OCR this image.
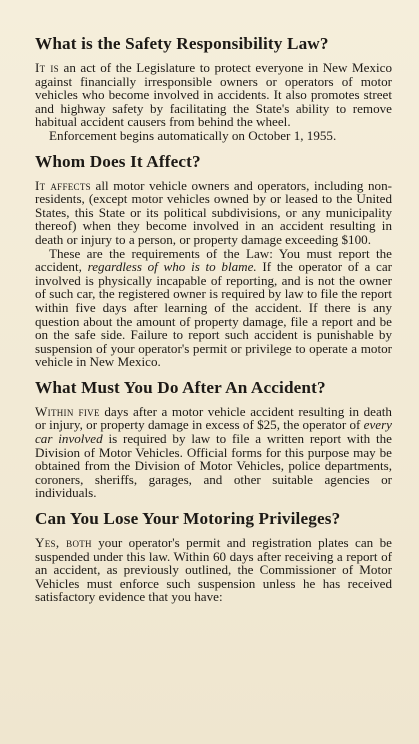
What is the Safety Responsibility Law?

It is an act of the Legislature to protect everyone in New Mexico against financially irresponsible owners or operators of motor vehicles who become involved in accidents. It also promotes street and highway safety by facilitating the State's ability to remove habitual accident causers from behind the wheel.

Enforcement begins automatically on October 1, 1955.

Whom Does It Affect?

It affects all motor vehicle owners and operators, including non-residents, (except motor vehicles owned by or leased to the United States, this State or its political subdivisions, or any municipality thereof) when they become involved in an accident resulting in death or injury to a person, or property damage exceeding $100.

These are the requirements of the Law: You must report the accident, regardless of who is to blame. If the operator of a car involved is physically incapable of reporting, and is not the owner of such car, the registered owner is required by law to file the report within five days after learning of the accident. If there is any question about the amount of property damage, file a report and be on the safe side. Failure to report such accident is punishable by suspension of your operator's permit or privilege to operate a motor vehicle in New Mexico.

What Must You Do After An Accident?

Within five days after a motor vehicle accident resulting in death or injury, or property damage in excess of $25, the operator of every car involved is required by law to file a written report with the Division of Motor Vehicles. Official forms for this purpose may be obtained from the Division of Motor Vehicles, police departments, coroners, sheriffs, garages, and other suitable agencies or individuals.

Can You Lose Your Motoring Privileges?

Yes, both your operator's permit and registration plates can be suspended under this law. Within 60 days after receiving a report of an accident, as previously outlined, the Commissioner of Motor Vehicles must enforce such suspension unless he has received satisfactory evidence that you have:
